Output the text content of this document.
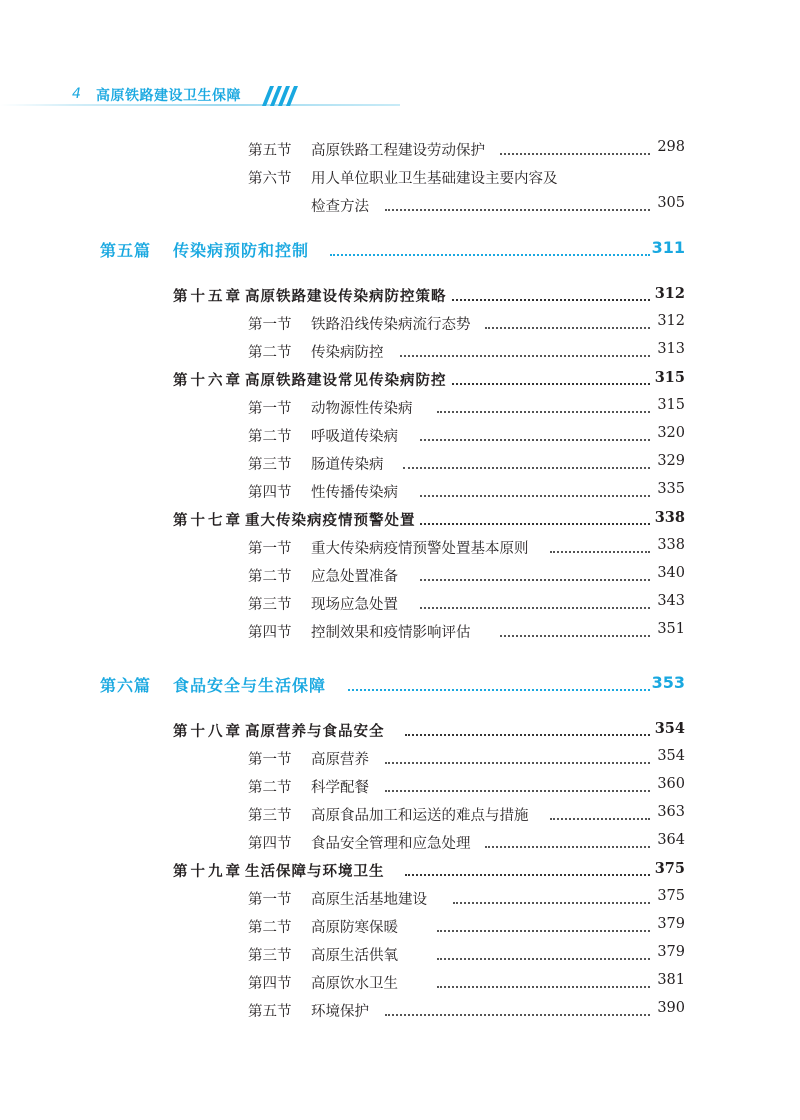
4 高原铁路建设卫生保障
第五节 高原铁路工程建设劳动保护	298
第六节 用人单位职业卫生基础建设主要内容及
检查方法	305
第五篇 传染病预防和控制	311
第十五章 高原铁路建设传染病防控策略	312
第一节 铁路沿线传染病流行态势	312
第二节 传染病防控	313
第十六章 高原铁路建设常见传染病防控	315
第一节 动物源性传染病	315
第二节 呼吸道传染病	320
第三节 肠道传染病	329
第四节 性传播传染病	335
第十七章 重大传染病疫情预警处置	338
第一节 重大传染病疫情预警处置基本原则	338
第二节 应急处置准备	340
第三节 现场应急处置	343
第四节 控制效果和疫情影响评估	351
第六篇 食品安全与生活保障	353
第十八章 高原营养与食品安全	354
第一节 高原营养	354
第二节 科学配餐	360
第三节 高原食品加工和运送的难点与措施	363
第四节 食品安全管理和应急处理	364
第十九章 生活保障与环境卫生	375
第一节 高原生活基地建设	375
第二节 高原防寒保暖	379
第三节 高原生活供氧	379
第四节 高原饮水卫生	381
第五节 环境保护	390
